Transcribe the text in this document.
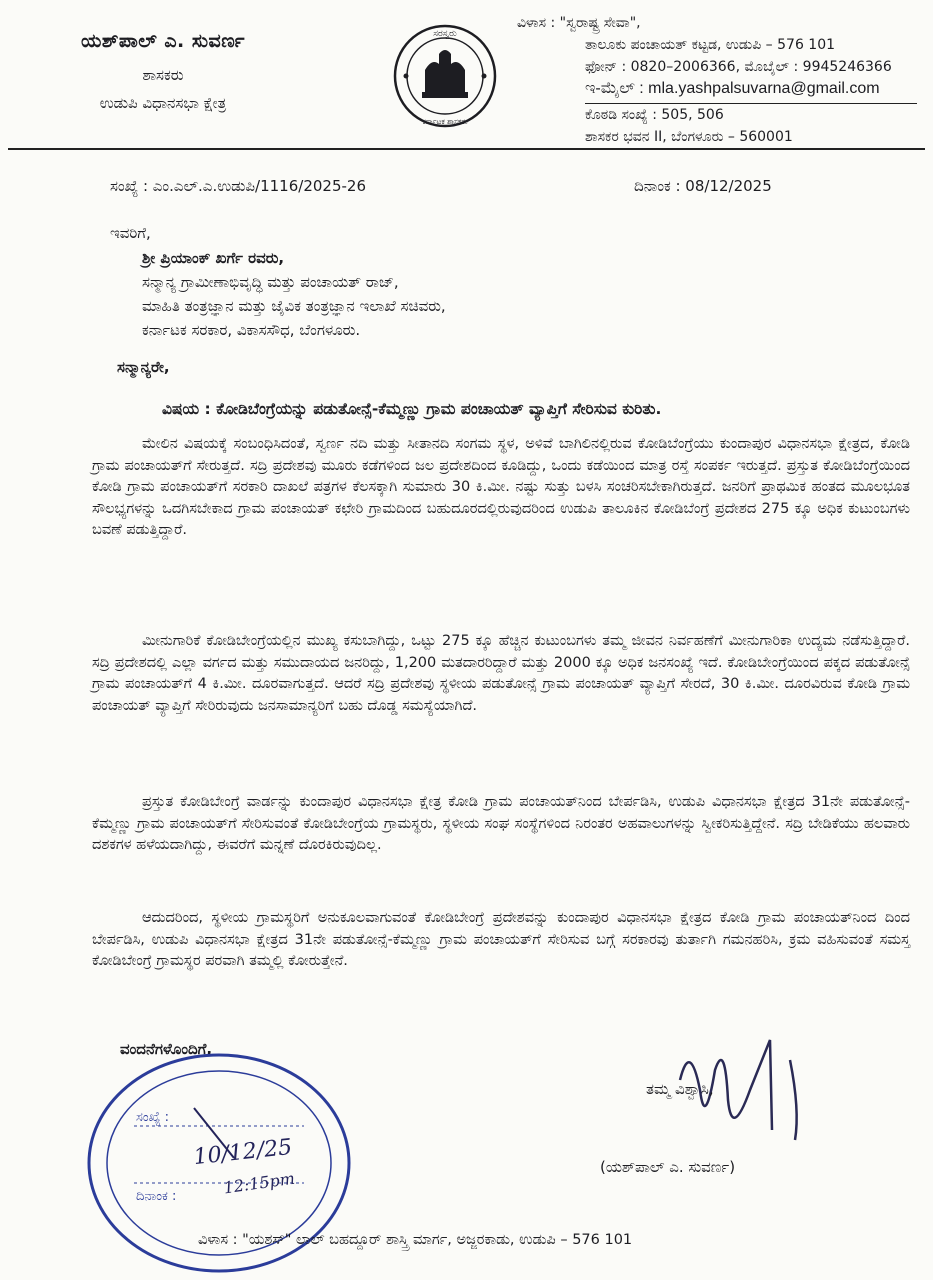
ಯಶ್‌ಪಾಲ್ ಎ. ಸುವರ್ಣ
ಶಾಸಕರು
ಉಡುಪಿ ವಿಧಾನಸಭಾ ಕ್ಷೇತ್ರ
ಸರಸ್ವರು
ಕರ್ನಾಟಕ ಶಾಸಕರು
ವಿಳಾಸ : "ಸ್ವರಾಷ್ಟ್ರ ಸೇವಾ",
ತಾಲೂಕು ಪಂಚಾಯತ್ ಕಟ್ಟಡ, ಉಡುಪಿ – 576 101
ಫೋನ್ : 0820–2006366, ಮೊಬೈಲ್ : 9945246366
ಇ-ಮೈಲ್ : mla.yashpalsuvarna@gmail.com
ಕೊಠಡಿ ಸಂಖ್ಯೆ : 505, 506
ಶಾಸಕರ ಭವನ II, ಬೆಂಗಳೂರು – 560001
ಸಂಖ್ಯೆ : ಎಂ.ಎಲ್.ಎ.ಉಡುಪಿ/1116/2025-26	ದಿನಾಂಕ : 08/12/2025
ಇವರಿಗೆ,
ಶ್ರೀ ಪ್ರಿಯಾಂಕ್ ಖರ್ಗೆ ರವರು,
ಸನ್ಮಾನ್ಯ ಗ್ರಾಮೀಣಾಭಿವೃದ್ಧಿ ಮತ್ತು ಪಂಚಾಯತ್ ರಾಜ್,
ಮಾಹಿತಿ ತಂತ್ರಜ್ಞಾನ ಮತ್ತು ಜೈವಿಕ ತಂತ್ರಜ್ಞಾನ ಇಲಾಖೆ ಸಚಿವರು,
ಕರ್ನಾಟಕ ಸರಕಾರ, ವಿಕಾಸಸೌಧ, ಬೆಂಗಳೂರು.
ಸನ್ಮಾನ್ಯರೇ,
ವಿಷಯ : ಕೋಡಿಬೆಂಗ್ರೆಯನ್ನು ಪಡುತೋನ್ಸೆ-ಕೆಮ್ಮಣ್ಣು ಗ್ರಾಮ ಪಂಚಾಯತ್ ವ್ಯಾಪ್ತಿಗೆ ಸೇರಿಸುವ ಕುರಿತು.
ಮೇಲಿನ ವಿಷಯಕ್ಕೆ ಸಂಬಂಧಿಸಿದಂತೆ, ಸ್ವರ್ಣ ನದಿ ಮತ್ತು ಸೀತಾನದಿ ಸಂಗಮ ಸ್ಥಳ, ಅಳಿವೆ ಬಾಗಿಲಿನಲ್ಲಿರುವ ಕೋಡಿಬೆಂಗ್ರೆಯು ಕುಂದಾಪುರ ವಿಧಾನಸಭಾ ಕ್ಷೇತ್ರದ, ಕೋಡಿ ಗ್ರಾಮ ಪಂಚಾಯತ್‌ಗೆ ಸೇರುತ್ತದೆ. ಸದ್ರಿ ಪ್ರದೇಶವು ಮೂರು ಕಡೆಗಳಿಂದ ಜಲ ಪ್ರದೇಶದಿಂದ ಕೂಡಿದ್ದು, ಒಂದು ಕಡೆಯಿಂದ ಮಾತ್ರ ರಸ್ತೆ ಸಂಪರ್ಕ ಇರುತ್ತದೆ. ಪ್ರಸ್ತುತ ಕೋಡಿಬೆಂಗ್ರೆಯಿಂದ ಕೋಡಿ ಗ್ರಾಮ ಪಂಚಾಯತ್‌ಗೆ ಸರಕಾರಿ ದಾಖಲೆ ಪತ್ರಗಳ ಕೆಲಸಕ್ಕಾಗಿ ಸುಮಾರು 30 ಕಿ.ಮೀ. ನಷ್ಟು ಸುತ್ತು ಬಳಸಿ ಸಂಚರಿಸಬೇಕಾಗಿರುತ್ತದೆ. ಜನರಿಗೆ ಪ್ರಾಥಮಿಕ ಹಂತದ ಮೂಲಭೂತ ಸೌಲಭ್ಯಗಳನ್ನು ಒದಗಿಸಬೇಕಾದ ಗ್ರಾಮ ಪಂಚಾಯತ್ ಕಛೇರಿ ಗ್ರಾಮದಿಂದ ಬಹುದೂರದಲ್ಲಿರುವುದರಿಂದ ಉಡುಪಿ ತಾಲೂಕಿನ ಕೋಡಿಬೆಂಗ್ರೆ ಪ್ರದೇಶದ 275 ಕ್ಕೂ ಅಧಿಕ ಕುಟುಂಬಗಳು ಬವಣೆ ಪಡುತ್ತಿದ್ದಾರೆ.
ಮೀನುಗಾರಿಕೆ ಕೋಡಿಬೇಂಗ್ರೆಯಲ್ಲಿನ ಮುಖ್ಯ ಕಸುಬಾಗಿದ್ದು, ಒಟ್ಟು 275 ಕ್ಕೂ ಹೆಚ್ಚಿನ ಕುಟುಂಬಗಳು ತಮ್ಮ ಜೀವನ ನಿರ್ವಹಣೆಗೆ ಮೀನುಗಾರಿಕಾ ಉದ್ಯಮ ನಡೆಸುತ್ತಿದ್ದಾರೆ. ಸದ್ರಿ ಪ್ರದೇಶದಲ್ಲಿ ಎಲ್ಲಾ ವರ್ಗದ ಮತ್ತು ಸಮುದಾಯದ ಜನರಿದ್ದು, 1,200 ಮತದಾರರಿದ್ದಾರೆ ಮತ್ತು 2000 ಕ್ಕೂ ಅಧಿಕ ಜನಸಂಖ್ಯೆ ಇದೆ. ಕೋಡಿಬೇಂಗ್ರೆಯಿಂದ ಪಕ್ಕದ ಪಡುತೋನ್ಸೆ ಗ್ರಾಮ ಪಂಚಾಯತ್‌ಗೆ 4 ಕಿ.ಮೀ. ದೂರವಾಗುತ್ತದೆ. ಆದರೆ ಸದ್ರಿ ಪ್ರದೇಶವು ಸ್ಥಳೀಯ ಪಡುತೋನ್ಸೆ ಗ್ರಾಮ ಪಂಚಾಯತ್ ವ್ಯಾಪ್ತಿಗೆ ಸೇರದೆ, 30 ಕಿ.ಮೀ. ದೂರವಿರುವ ಕೋಡಿ ಗ್ರಾಮ ಪಂಚಾಯತ್ ವ್ಯಾಪ್ತಿಗೆ ಸೇರಿರುವುದು ಜನಸಾಮಾನ್ಯರಿಗೆ ಬಹು ದೊಡ್ಡ ಸಮಸ್ಯೆಯಾಗಿದೆ.
ಪ್ರಸ್ತುತ ಕೋಡಿಬೇಂಗ್ರೆ ವಾರ್ಡನ್ನು ಕುಂದಾಪುರ ವಿಧಾನಸಭಾ ಕ್ಷೇತ್ರ ಕೋಡಿ ಗ್ರಾಮ ಪಂಚಾಯತ್‌ನಿಂದ ಬೇರ್ಪಡಿಸಿ, ಉಡುಪಿ ವಿಧಾನಸಭಾ ಕ್ಷೇತ್ರದ 31ನೇ ಪಡುತೋನ್ಸೆ-ಕೆಮ್ಮಣ್ಣು ಗ್ರಾಮ ಪಂಚಾಯತ್‌ಗೆ ಸೇರಿಸುವಂತೆ ಕೋಡಿಬೇಂಗ್ರೆಯ ಗ್ರಾಮಸ್ಥರು, ಸ್ಥಳೀಯ ಸಂಘ ಸಂಸ್ಥೆಗಳಿಂದ ನಿರಂತರ ಅಹವಾಲುಗಳನ್ನು ಸ್ವೀಕರಿಸುತ್ತಿದ್ದೇನೆ. ಸದ್ರಿ ಬೇಡಿಕೆಯು ಹಲವಾರು ದಶಕಗಳ ಹಳೆಯದಾಗಿದ್ದು, ಈವರೆಗೆ ಮನ್ನಣೆ ದೊರಕಿರುವುದಿಲ್ಲ.
ಆದುದರಿಂದ, ಸ್ಥಳೀಯ ಗ್ರಾಮಸ್ಥರಿಗೆ ಅನುಕೂಲವಾಗುವಂತೆ ಕೋಡಿಬೇಂಗ್ರೆ ಪ್ರದೇಶವನ್ನು ಕುಂದಾಪುರ ವಿಧಾನಸಭಾ ಕ್ಷೇತ್ರದ ಕೋಡಿ ಗ್ರಾಮ ಪಂಚಾಯತ್‌ನಿಂದ ದಿಂದ ಬೇರ್ಪಡಿಸಿ, ಉಡುಪಿ ವಿಧಾನಸಭಾ ಕ್ಷೇತ್ರದ 31ನೇ ಪಡುತೋನ್ಸೆ-ಕೆಮ್ಮಣ್ಣು ಗ್ರಾಮ ಪಂಚಾಯತ್‌ಗೆ ಸೇರಿಸುವ ಬಗ್ಗೆ ಸರಕಾರವು ತುರ್ತಾಗಿ ಗಮನಹರಿಸಿ, ಕ್ರಮ ವಹಿಸುವಂತೆ ಸಮಸ್ತ ಕೋಡಿಬೇಂಗ್ರೆ ಗ್ರಾಮಸ್ಥರ ಪರವಾಗಿ ತಮ್ಮಲ್ಲಿ ಕೋರುತ್ತೇನೆ.
ವಂದನೆಗಳೊಂದಿಗೆ,
ತಮ್ಮ ವಿಶ್ವಾಸಿ,
(ಯಶ್‌ಪಾಲ್ ಎ. ಸುವರ್ಣ)
ಸಂಖ್ಯೆ :
ದಿನಾಂಕ :
10/12/25
12:15pm
ವಿಳಾಸ : "ಯಶಸ್" ಲಾಲ್ ಬಹದ್ದೂರ್ ಶಾಸ್ತ್ರಿ ಮಾರ್ಗ, ಅಜ್ಜರಕಾಡು, ಉಡುಪಿ – 576 101
